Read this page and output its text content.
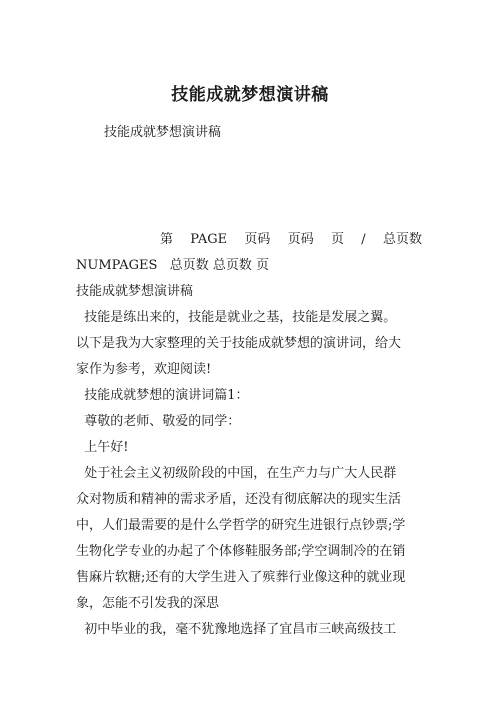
技能成就梦想演讲稿
技能成就梦想演讲稿
第 PAGE 页码 页码 页 / 总页数
NUMPAGES   总页数 总页数 页
技能成就梦想演讲稿
技能是练出来的，技能是就业之基，技能是发展之翼。
以下是我为大家整理的关于技能成就梦想的演讲词，给大
家作为参考，欢迎阅读!
技能成就梦想的演讲词篇1：
尊敬的老师、敬爱的同学：
上午好!
处于社会主义初级阶段的中国，在生产力与广大人民群
众对物质和精神的需求矛盾，还没有彻底解决的现实生活
中，人们最需要的是什么学哲学的研究生进银行点钞票;学
生物化学专业的办起了个体修鞋服务部;学空调制冷的在销
售麻片软糖;还有的大学生进入了殡葬行业像这种的就业现
象，怎能不引发我的深思
初中毕业的我，毫不犹豫地选择了宜昌市三峡高级技工
